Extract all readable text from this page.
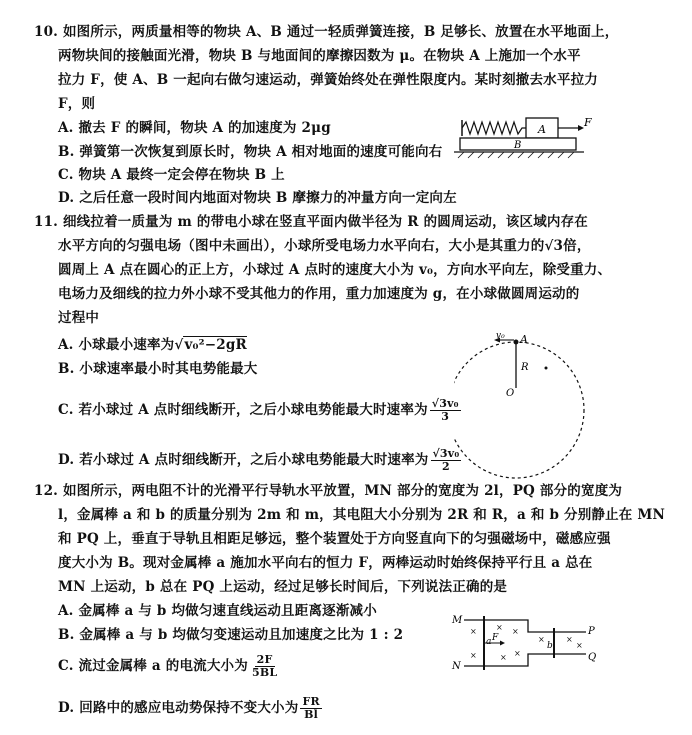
10. 如图所示，两质量相等的物块 A、B 通过一轻质弹簧连接，B 足够长、放置在水平地面上，
两物块间的接触面光滑，物块 B 与地面间的摩擦因数为 μ。在物块 A 上施加一个水平
拉力 F，使 A、B 一起向右做匀速运动，弹簧始终处在弹性限度内。某时刻撤去水平拉力
F，则
A. 撤去 F 的瞬间，物块 A 的加速度为 2μg
B. 弹簧第一次恢复到原长时，物块 A 相对地面的速度可能向右
C. 物块 A 最终一定会停在物块 B 上
D. 之后任意一段时间内地面对物块 B 摩擦力的冲量方向一定向左
A
F
B
11. 细线拉着一质量为 m 的带电小球在竖直平面内做半径为 R 的圆周运动，该区域内存在
水平方向的匀强电场（图中未画出），小球所受电场力水平向右，大小是其重力的√3倍，
圆周上 A 点在圆心的正上方，小球过 A 点时的速度大小为 v₀，方向水平向左，除受重力、
电场力及细线的拉力外小球不受其他力的作用，重力加速度为 g，在小球做圆周运动的
过程中
A. 小球最小速率为√v₀²−2gR
B. 小球速率最小时其电势能最大
C. 若小球过 A 点时细线断开，之后小球电势能最大时速率为 $\frac{\text{√3v₀}}{3}$
D. 若小球过 A 点时细线断开，之后小球电势能最大时速率为 $\frac{\text{√3v₀}}{2}$
v₀ A
R
O
12. 如图所示，两电阻不计的光滑平行导轨水平放置，MN 部分的宽度为 2l，PQ 部分的宽度为
l，金属棒 a 和 b 的质量分别为 2m 和 m，其电阻大小分别为 2R 和 R，a 和 b 分别静止在 MN
和 PQ 上，垂直于导轨且相距足够远，整个装置处于方向竖直向下的匀强磁场中，磁感应强
度大小为 B。现对金属棒 a 施加水平向右的恒力 F，两棒运动时始终保持平行且 a 总在
MN 上运动，b 总在 PQ 上运动，经过足够长时间后，下列说法正确的是
A. 金属棒 a 与 b 均做匀速直线运动且距离逐渐减小
B. 金属棒 a 与 b 均做匀变速运动且加速度之比为 1 : 2
C. 流过金属棒 a 的电流大小为 $\frac{2F}{5BL}$
D. 回路中的感应电动势保持不变大小为 $\frac{FR}{Bl}$
M
N
P
Q
a F
b
× × ×
×	× ×
×	×
×
